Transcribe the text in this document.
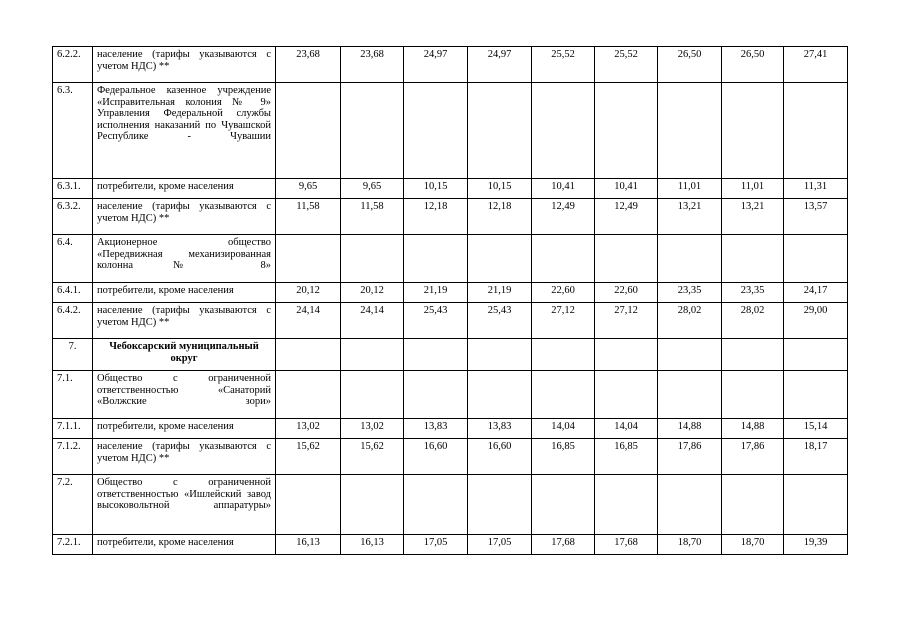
6.2.2.	население (тарифы указываются с учетом НДС) **	23,68	23,68	24,97	24,97	25,52	25,52	26,50	26,50	27,41
6.3.	Федеральное казенное учреждение «Исправительная колония № 9» Управления Федеральной службы исполнения наказаний по Чувашской Республике - Чувашии									
6.3.1.	потребители, кроме населения	9,65	9,65	10,15	10,15	10,41	10,41	11,01	11,01	11,31
6.3.2.	население (тарифы указываются с учетом НДС) **	11,58	11,58	12,18	12,18	12,49	12,49	13,21	13,21	13,57
6.4.	Акционерное общество «Передвижная механизированная колонна № 8»									
6.4.1.	потребители, кроме населения	20,12	20,12	21,19	21,19	22,60	22,60	23,35	23,35	24,17
6.4.2.	население (тарифы указываются с учетом НДС) **	24,14	24,14	25,43	25,43	27,12	27,12	28,02	28,02	29,00
7.	Чебоксарский муниципальный округ									
7.1.	Общество с ограниченной ответственностью «Санаторий «Волжские зори»									
7.1.1.	потребители, кроме населения	13,02	13,02	13,83	13,83	14,04	14,04	14,88	14,88	15,14
7.1.2.	население (тарифы указываются с учетом НДС) **	15,62	15,62	16,60	16,60	16,85	16,85	17,86	17,86	18,17
7.2.	Общество с ограниченной ответственностью «Ишлейский завод высоковольтной аппаратуры»									
7.2.1.	потребители, кроме населения	16,13	16,13	17,05	17,05	17,68	17,68	18,70	18,70	19,39
